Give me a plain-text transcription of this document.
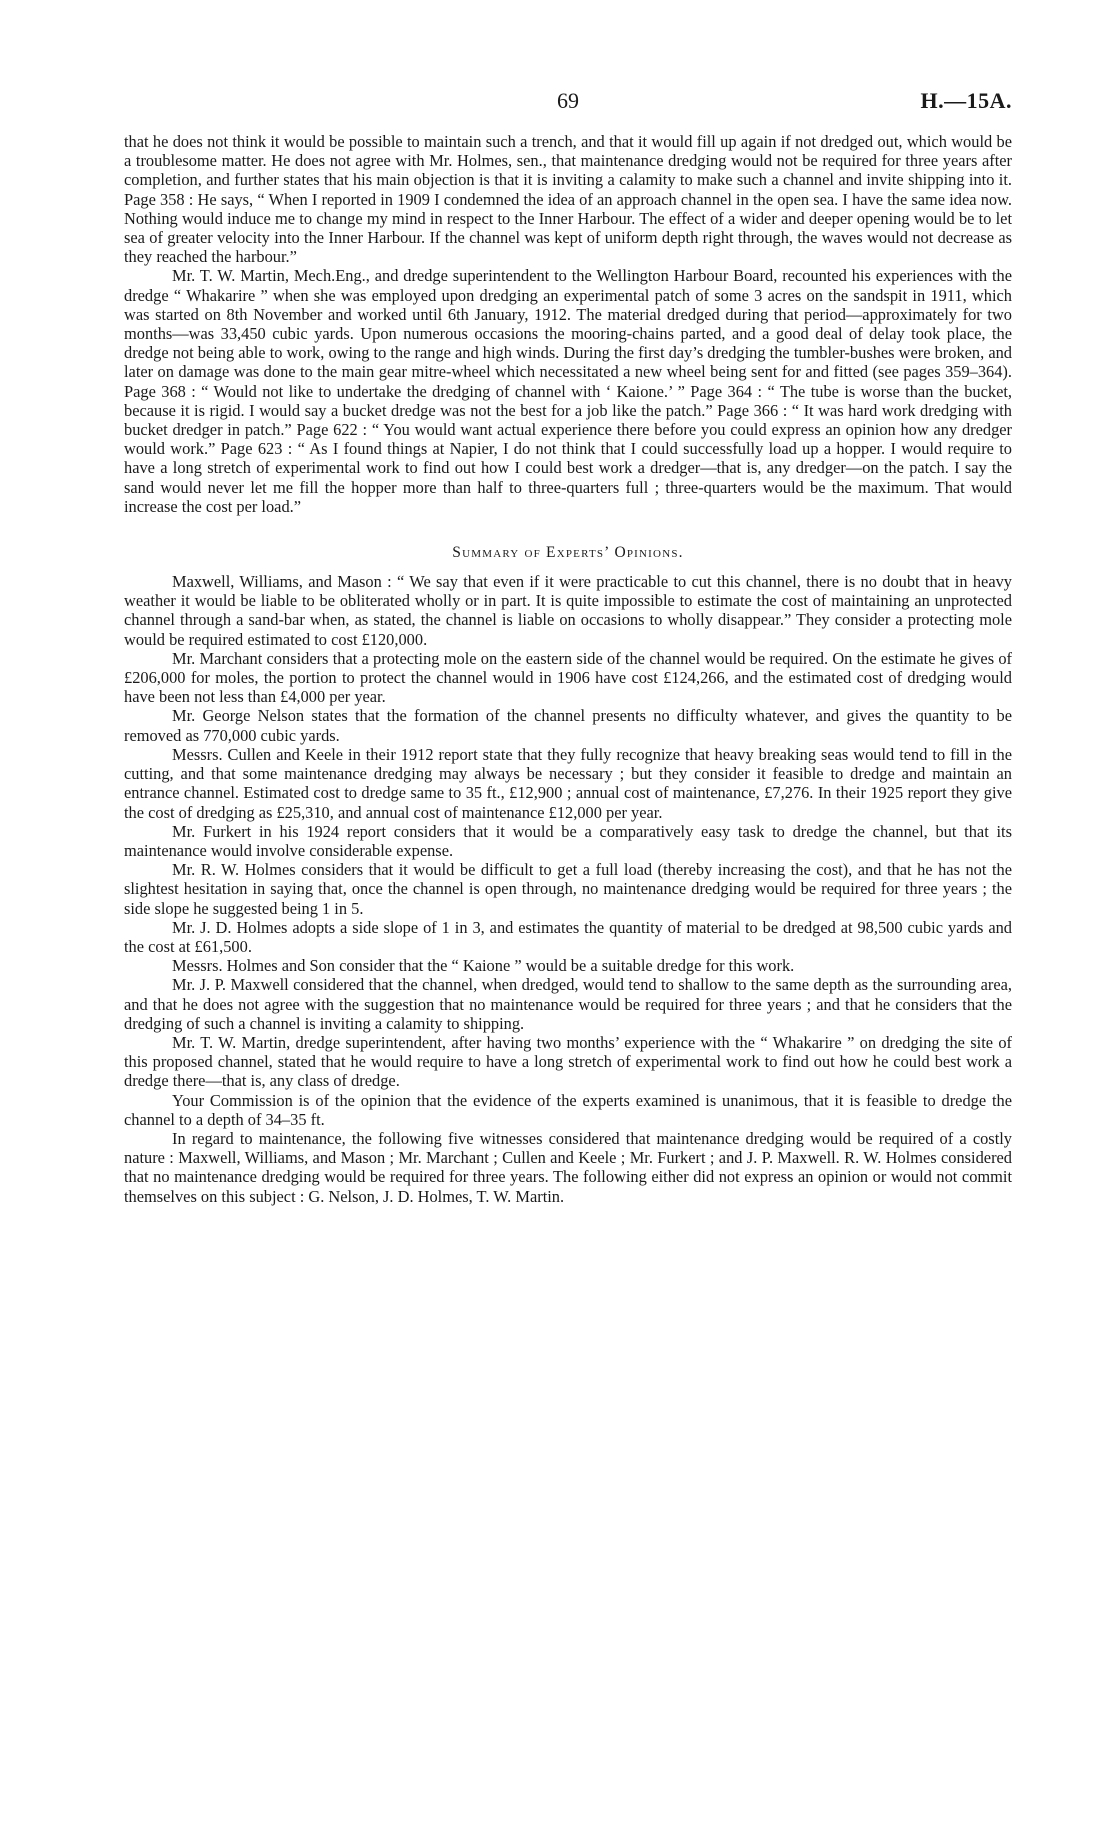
69	H.—15A.

that he does not think it would be possible to maintain such a trench, and that it would fill up again if not dredged out, which would be a troublesome matter. He does not agree with Mr. Holmes, sen., that maintenance dredging would not be required for three years after completion, and further states that his main objection is that it is inviting a calamity to make such a channel and invite shipping into it. Page 358 : He says, “ When I reported in 1909 I condemned the idea of an approach channel in the open sea. I have the same idea now. Nothing would induce me to change my mind in respect to the Inner Harbour. The effect of a wider and deeper opening would be to let sea of greater velocity into the Inner Harbour. If the channel was kept of uniform depth right through, the waves would not decrease as they reached the harbour.”

Mr. T. W. Martin, Mech.Eng., and dredge superintendent to the Wellington Harbour Board, recounted his experiences with the dredge “ Whakarire ” when she was employed upon dredging an experimental patch of some 3 acres on the sandspit in 1911, which was started on 8th November and worked until 6th January, 1912. The material dredged during that period—approximately for two months—was 33,450 cubic yards. Upon numerous occasions the mooring-chains parted, and a good deal of delay took place, the dredge not being able to work, owing to the range and high winds. During the first day’s dredging the tumbler-bushes were broken, and later on damage was done to the main gear mitre-wheel which necessitated a new wheel being sent for and fitted (see pages 359–364). Page 368 : “ Would not like to undertake the dredging of channel with ‘ Kaione.’ ” Page 364 : “ The tube is worse than the bucket, because it is rigid. I would say a bucket dredge was not the best for a job like the patch.” Page 366 : “ It was hard work dredging with bucket dredger in patch.” Page 622 : “ You would want actual experience there before you could express an opinion how any dredger would work.” Page 623 : “ As I found things at Napier, I do not think that I could successfully load up a hopper. I would require to have a long stretch of experimental work to find out how I could best work a dredger—that is, any dredger—on the patch. I say the sand would never let me fill the hopper more than half to three-quarters full ; three-quarters would be the maximum. That would increase the cost per load.”

Summary of Experts’ Opinions.

Maxwell, Williams, and Mason : “ We say that even if it were practicable to cut this channel, there is no doubt that in heavy weather it would be liable to be obliterated wholly or in part. It is quite impossible to estimate the cost of maintaining an unprotected channel through a sand-bar when, as stated, the channel is liable on occasions to wholly disappear.” They consider a protecting mole would be required estimated to cost £120,000.

Mr. Marchant considers that a protecting mole on the eastern side of the channel would be required. On the estimate he gives of £206,000 for moles, the portion to protect the channel would in 1906 have cost £124,266, and the estimated cost of dredging would have been not less than £4,000 per year.

Mr. George Nelson states that the formation of the channel presents no difficulty whatever, and gives the quantity to be removed as 770,000 cubic yards.

Messrs. Cullen and Keele in their 1912 report state that they fully recognize that heavy breaking seas would tend to fill in the cutting, and that some maintenance dredging may always be necessary ; but they consider it feasible to dredge and maintain an entrance channel. Estimated cost to dredge same to 35 ft., £12,900 ; annual cost of maintenance, £7,276. In their 1925 report they give the cost of dredging as £25,310, and annual cost of maintenance £12,000 per year.

Mr. Furkert in his 1924 report considers that it would be a comparatively easy task to dredge the channel, but that its maintenance would involve considerable expense.

Mr. R. W. Holmes considers that it would be difficult to get a full load (thereby increasing the cost), and that he has not the slightest hesitation in saying that, once the channel is open through, no maintenance dredging would be required for three years ; the side slope he suggested being 1 in 5.

Mr. J. D. Holmes adopts a side slope of 1 in 3, and estimates the quantity of material to be dredged at 98,500 cubic yards and the cost at £61,500.

Messrs. Holmes and Son consider that the “ Kaione ” would be a suitable dredge for this work.

Mr. J. P. Maxwell considered that the channel, when dredged, would tend to shallow to the same depth as the surrounding area, and that he does not agree with the suggestion that no maintenance would be required for three years ; and that he considers that the dredging of such a channel is inviting a calamity to shipping.

Mr. T. W. Martin, dredge superintendent, after having two months’ experience with the “ Whakarire ” on dredging the site of this proposed channel, stated that he would require to have a long stretch of experimental work to find out how he could best work a dredge there—that is, any class of dredge.

Your Commission is of the opinion that the evidence of the experts examined is unanimous, that it is feasible to dredge the channel to a depth of 34–35 ft.

In regard to maintenance, the following five witnesses considered that maintenance dredging would be required of a costly nature : Maxwell, Williams, and Mason ; Mr. Marchant ; Cullen and Keele ; Mr. Furkert ; and J. P. Maxwell. R. W. Holmes considered that no maintenance dredging would be required for three years. The following either did not express an opinion or would not commit themselves on this subject : G. Nelson, J. D. Holmes, T. W. Martin.
